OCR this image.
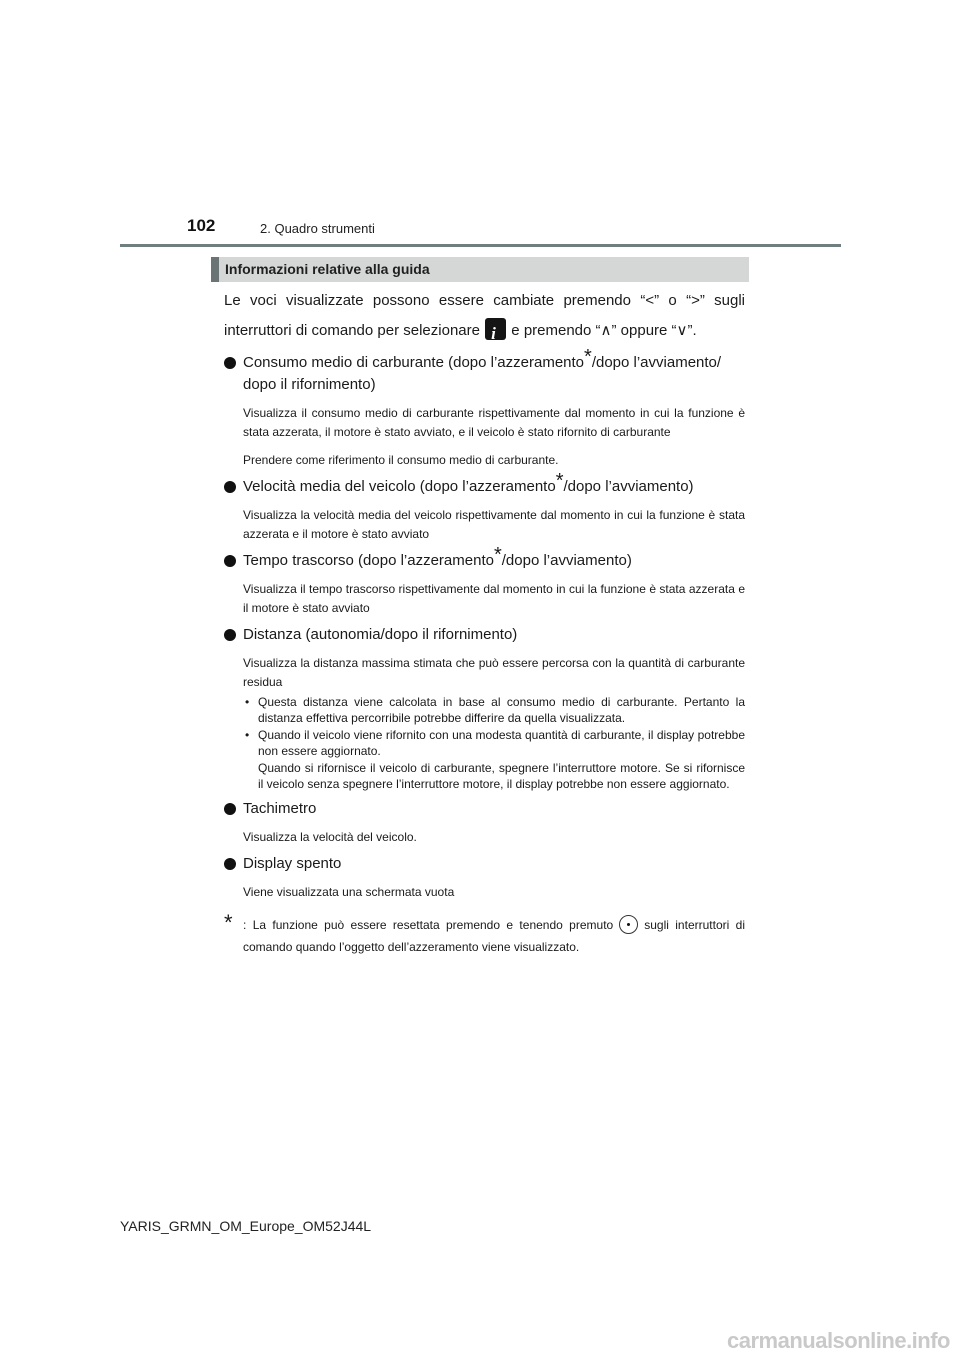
102	2. Quadro strumenti
Informazioni relative alla guida

Le voci visualizzate possono essere cambiate premendo “<” o “>” sugli interruttori di comando per selezionare i e premendo “∧” oppure “∨”.

Consumo medio di carburante (dopo l’azzeramento*/dopo l’avviamento/ dopo il rifornimento)

Visualizza il consumo medio di carburante rispettivamente dal momento in cui la funzione è stata azzerata, il motore è stato avviato, e il veicolo è stato rifornito di carburante

Prendere come riferimento il consumo medio di carburante.

Velocità media del veicolo (dopo l’azzeramento*/dopo l’avviamento)

Visualizza la velocità media del veicolo rispettivamente dal momento in cui la funzione è stata azzerata e il motore è stato avviato

Tempo trascorso (dopo l’azzeramento*/dopo l’avviamento)

Visualizza il tempo trascorso rispettivamente dal momento in cui la funzione è stata azzerata e il motore è stato avviato

Distanza (autonomia/dopo il rifornimento)

Visualizza la distanza massima stimata che può essere percorsa con la quantità di carburante residua

• Questa distanza viene calcolata in base al consumo medio di carburante. Pertanto la distanza effettiva percorribile potrebbe differire da quella visualizzata.
• Quando il veicolo viene rifornito con una modesta quantità di carburante, il display potrebbe non essere aggiornato.
Quando si rifornisce il veicolo di carburante, spegnere l’interruttore motore. Se si rifornisce il veicolo senza spegnere l’interruttore motore, il display potrebbe non essere aggiornato.

Tachimetro

Visualizza la velocità del veicolo.

Display spento

Viene visualizzata una schermata vuota

* : La funzione può essere resettata premendo e tenendo premuto	sugli interruttori di comando quando l’oggetto dell’azzeramento viene visualizzato.

YARIS_GRMN_OM_Europe_OM52J44L
carmanualsonline.info
